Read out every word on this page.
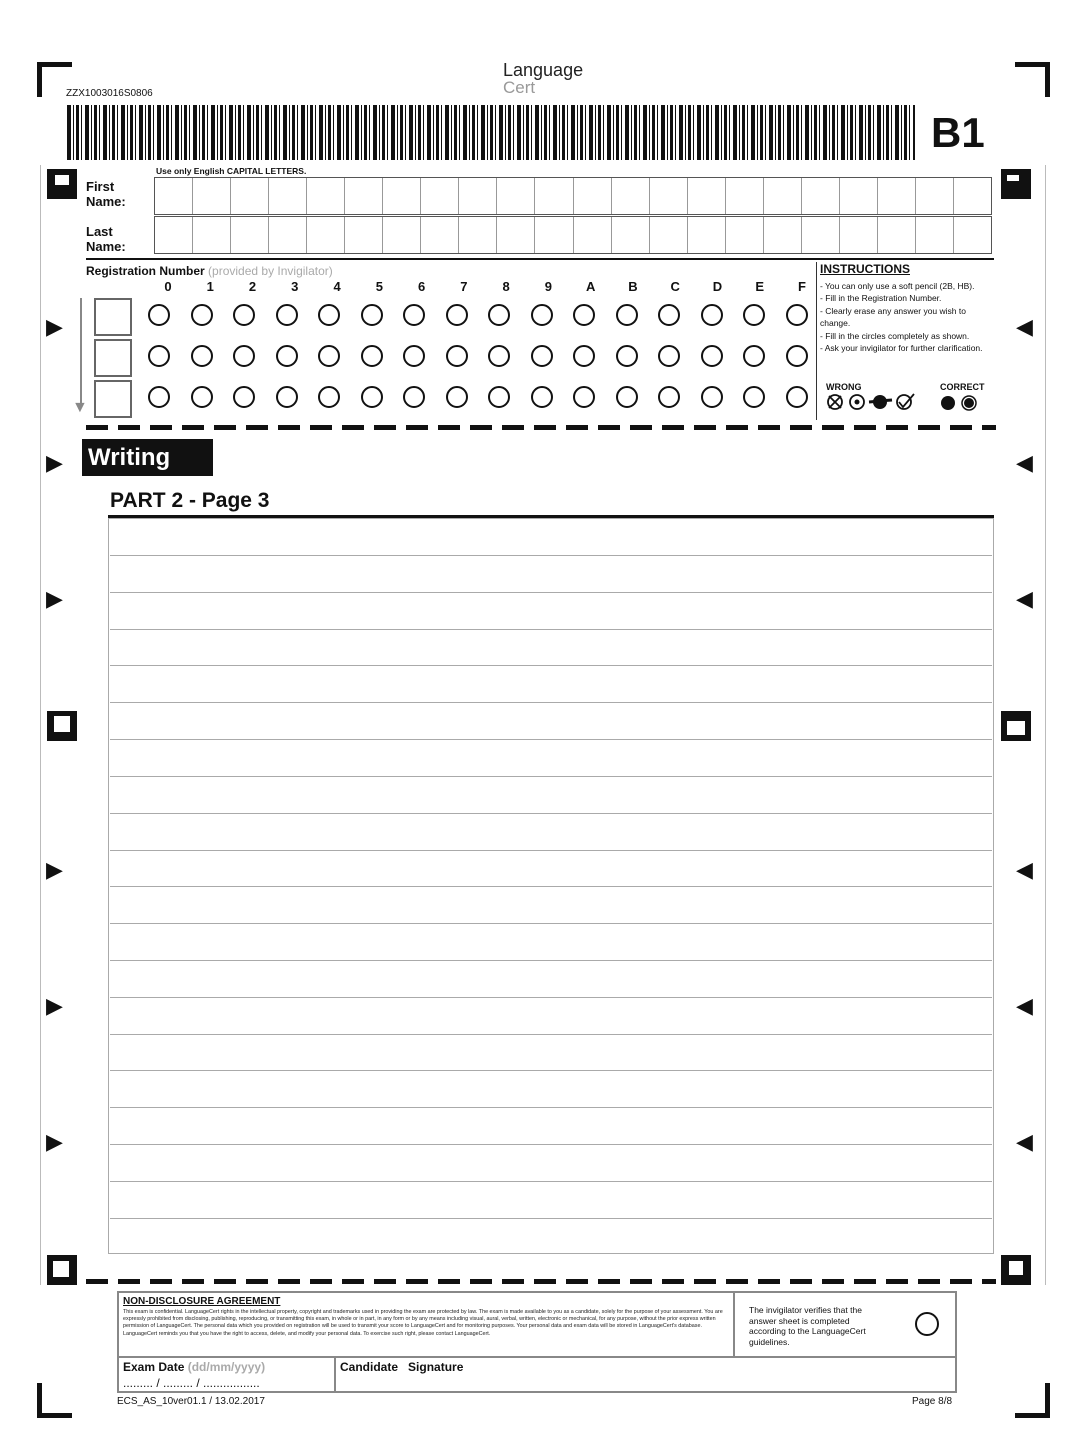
ZZX1003016S0806
Language
Cert
B1
▶	◀
▶	◀
▶	◀
▶	◀
▶	◀
▶	◀
Use only English CAPITAL LETTERS.
First
Name:
Last
Name:
Registration Number (provided by Invigilator)
0	1	2	3	4	5	6	7	8	9	A	B	C	D	E	F
▼
INSTRUCTIONS
- You can only use a soft pencil (2B, HB).
- Fill in the Registration Number.
- Clearly erase any answer you wish to change.
- Fill in the circles completely as shown.
- Ask your invigilator for further clarification.
WRONG	CORRECT
Writing
PART 2 - Page 3
NON-DISCLOSURE AGREEMENT
This exam is confidential. LanguageCert rights in the intellectual property, copyright and trademarks used in providing the exam are protected by law. The exam is made available to you as a candidate, solely for the purpose of your assessment. You are expressly prohibited from disclosing, publishing, reproducing, or transmitting this exam, in whole or in part, in any form or by any means including visual, aural, verbal, written, electronic or mechanical, for any purpose, without the prior express written permission of LanguageCert. The personal data which you provided on registration will be used to transmit your score to LanguageCert and for monitoring purposes. Your personal data and exam data will be stored in LanguageCert's database. LanguageCert reminds you that you have the right to access, delete, and modify your personal data. To exercise such right, please contact LanguageCert.
The invigilator verifies that the answer sheet is completed according to the LanguageCert guidelines.
Exam Date (dd/mm/yyyy)
......... / ......... / .................
Candidate Signature
ECS_AS_10ver01.1 / 13.02.2017	Page 8/8
